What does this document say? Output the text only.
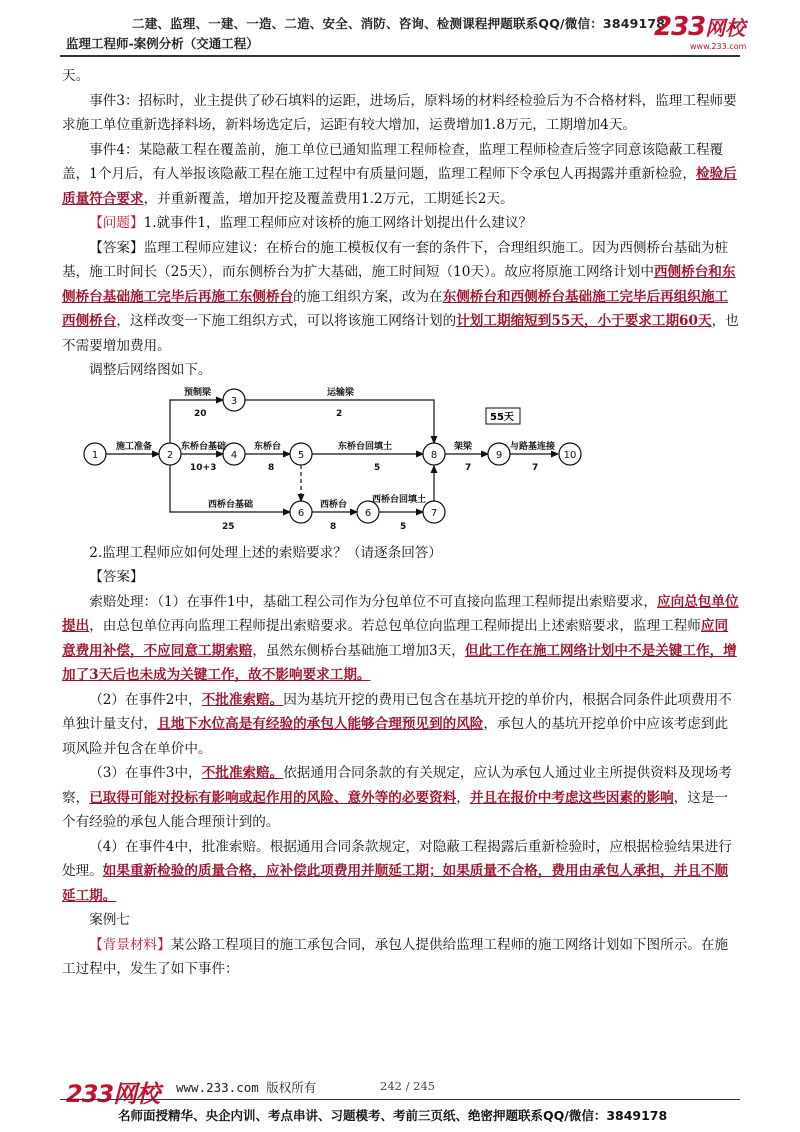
二建、监理、一建、一造、二造、安全、消防、咨询、检测课程押题联系QQ/微信：3849178
监理工程师-案例分析（交通工程）
233网校
www.233.com

天。

事件3：招标时，业主提供了砂石填料的运距，进场后，原料场的材料经检验后为不合格材料，监理工程师要求施工单位重新选择料场，新料场选定后，运距有较大增加，运费增加1.8万元，工期增加4天。

事件4：某隐蔽工程在覆盖前，施工单位已通知监理工程师检查，监理工程师检查后签字同意该隐蔽工程覆盖，1个月后，有人举报该隐蔽工程在施工过程中有质量问题，监理工程师下令承包人再揭露并重新检验，检验后质量符合要求，并重新覆盖，增加开挖及覆盖费用1.2万元，工期延长2天。

【问题】1.就事件1，监理工程师应对该桥的施工网络计划提出什么建议？

【答案】监理工程师应建议：在桥台的施工模板仅有一套的条件下，合理组织施工。因为西侧桥台基础为桩基，施工时间长（25天），而东侧桥台为扩大基础，施工时间短（10天）。故应将原施工网络计划中西侧桥台和东侧桥台基础施工完毕后再施工东侧桥台的施工组织方案，改为在东侧桥台和西侧桥台基础施工完毕后再组织施工西侧桥台，这样改变一下施工组织方式，可以将该施工网络计划的计划工期缩短到55天，小于要求工期60天，也不需要增加费用。

调整后网络图如下。

1	2
3
4	5
6	6	7
8	9	10
施工准备
预制梁
20
运输梁
2
东桥台基础
10+3
东桥台
8
东桥台回填土
西桥台基础
25
西桥台
8
西桥台回填土
5
5
架梁
7
与路基连接
7
55天

2.监理工程师应如何处理上述的索赔要求？（请逐条回答）

【答案】

索赔处理：（1）在事件1中，基础工程公司作为分包单位不可直接向监理工程师提出索赔要求，应向总包单位提出，由总包单位再向监理工程师提出索赔要求。若总包单位向监理工程师提出上述索赔要求，监理工程师应同意费用补偿，不应同意工期索赔，虽然东侧桥台基础施工增加3天，但此工作在施工网络计划中不是关键工作，增加了3天后也未成为关键工作，故不影响要求工期。

（2）在事件2中，不批准索赔。因为基坑开挖的费用已包含在基坑开挖的单价内，根据合同条件此项费用不单独计量支付，且地下水位高是有经验的承包人能够合理预见到的风险，承包人的基坑开挖单价中应该考虑到此项风险并包含在单价中。

（3）在事件3中，不批准索赔。依据通用合同条款的有关规定，应认为承包人通过业主所提供资料及现场考察，已取得可能对投标有影响或起作用的风险、意外等的必要资料，并且在报价中考虑这些因素的影响，这是一个有经验的承包人能合理预计到的。

（4）在事件4中，批准索赔。根据通用合同条款规定，对隐蔽工程揭露后重新检验时，应根据检验结果进行处理。如果重新检验的质量合格，应补偿此项费用并顺延工期；如果质量不合格，费用由承包人承担，并且不顺延工期。

案例七

【背景材料】某公路工程项目的施工承包合同，承包人提供给监理工程师的施工网络计划如下图所示。在施工过程中，发生了如下事件：

233网校 www.233.com 版权所有	242 / 245
名师面授精华、央企内训、考点串讲、习题模考、考前三页纸、绝密押题联系QQ/微信：3849178
